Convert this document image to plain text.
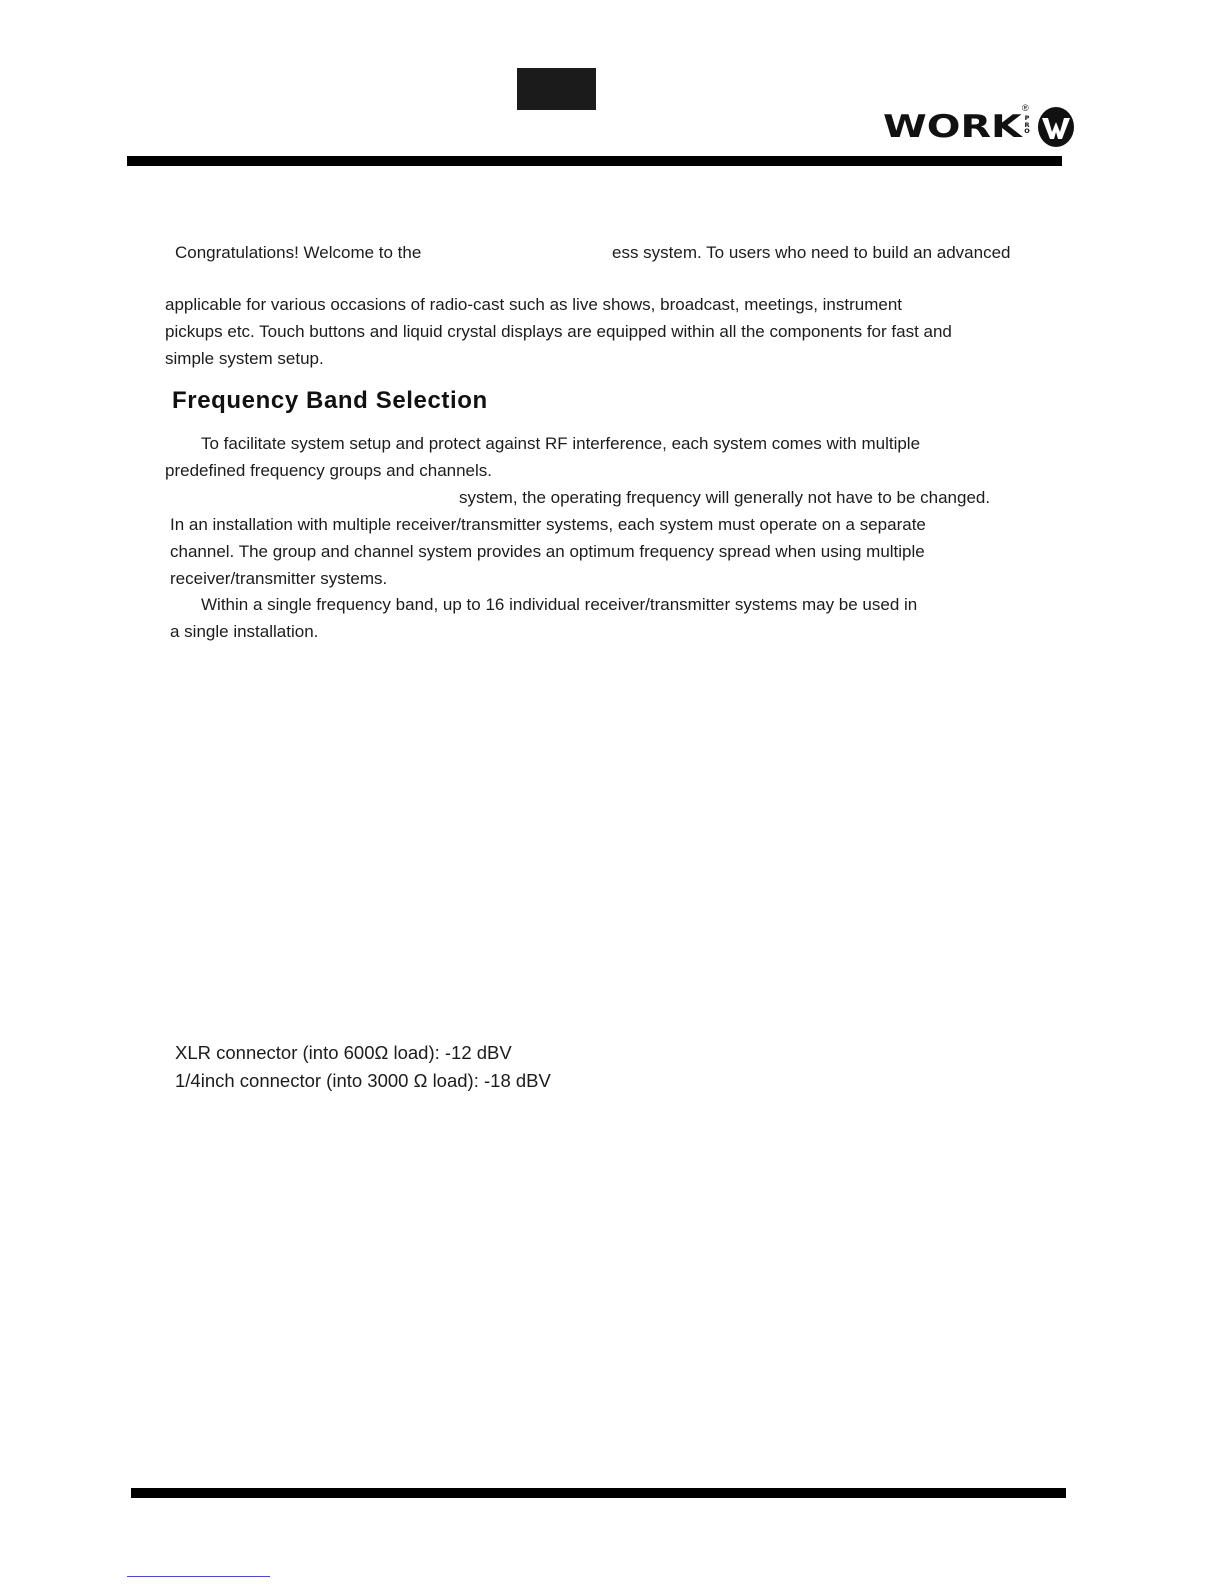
WORK
®
PRO
Congratulations! Welcome to the	ess system. To users who need to build an advanced
applicable for various occasions of radio-cast such as live shows, broadcast, meetings, instrument
pickups etc. Touch buttons and liquid crystal displays are equipped within all the components for fast and
simple system setup.
Frequency Band Selection
To facilitate system setup and protect against RF interference, each system comes with multiple
predefined frequency groups and channels.
system, the operating frequency will generally not have to be changed.
In an installation with multiple receiver/transmitter systems, each system must operate on a separate
channel. The group and channel system provides an optimum frequency spread when using multiple
receiver/transmitter systems.
Within a single frequency band, up to 16 individual receiver/transmitter systems may be used in
a single installation.
XLR connector (into 600Ω load): -12 dBV
1/4inch connector (into 3000 Ω load): -18 dBV
